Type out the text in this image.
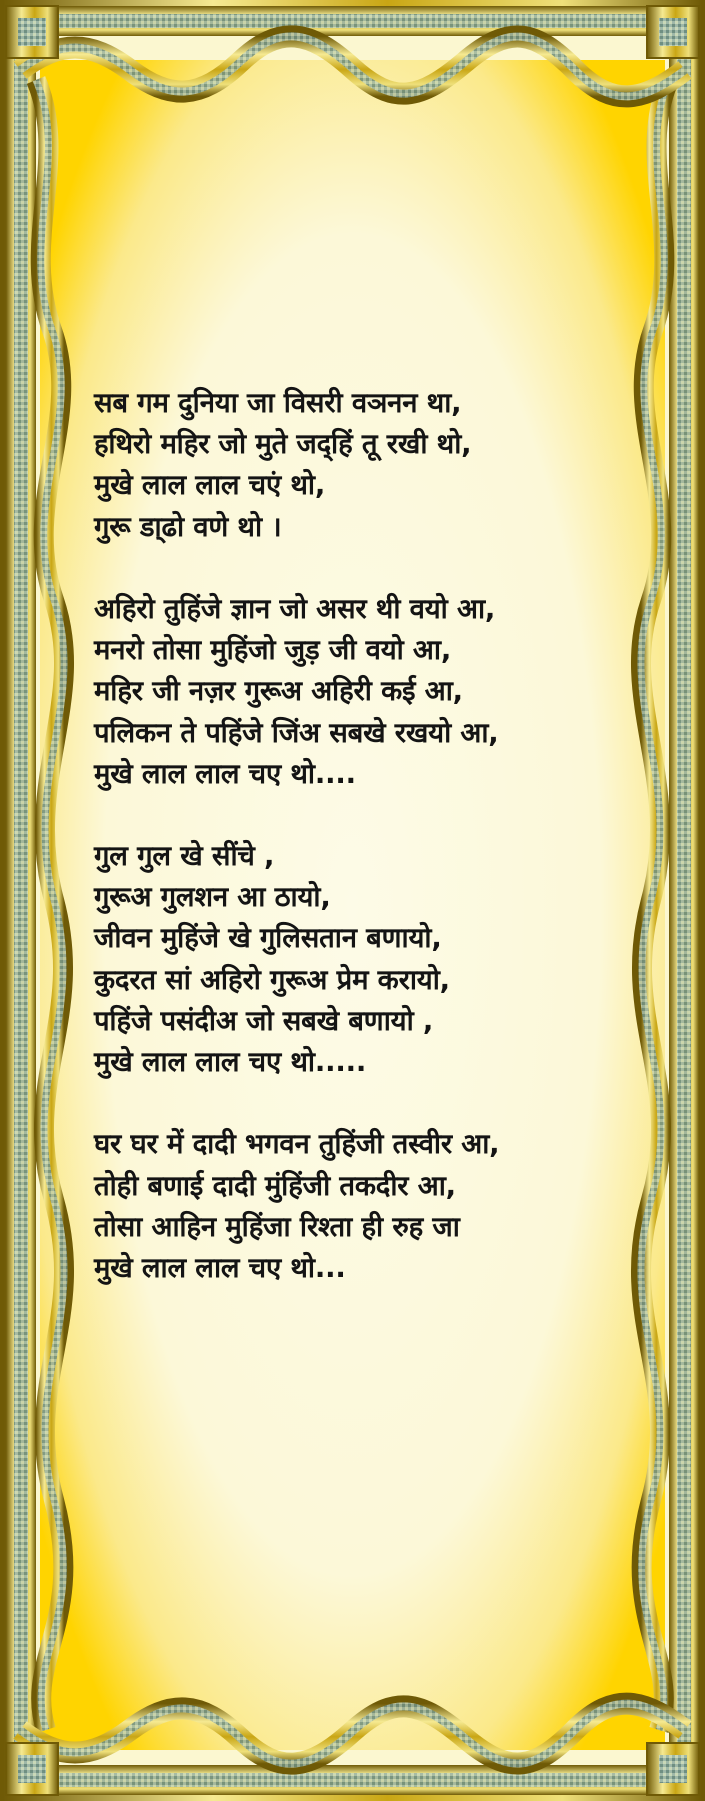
सब गम दुनिया जा विसरी वञनन था,
हथिरो महिर जो मुते जद्हिं तू रखी थो,
मुखे लाल लाल चएं थो,
गुरू डा्ढो वणे थो ।
अहिरो तुहिंजे ज्ञान जो असर थी वयो आ,
मनरो तोसा मुहिंजो जुड़ जी वयो आ,
महिर जी नज़र गुरूअ अहिरी कई आ,
पलिकन ते पहिंजे जिंअ सबखे रखयो आ,
मुखे लाल लाल चए थो....
गुल गुल खे सींचे ,
गुरूअ गुलशन आ ठायो,
जीवन मुहिंजे खे गुलिसतान बणायो,
कुदरत सां अहिरो गुरूअ प्रेम करायो,
पहिंजे पसंदीअ जो सबखे बणायो ,
मुखे लाल लाल चए थो.....
घर घर में दादी भगवन तुहिंजी तस्वीर आ,
तोही बणाई दादी मुंहिंजी तकदीर आ,
तोसा आहिन मुहिंजा रिश्ता ही रुह जा
मुखे लाल लाल चए थो...
